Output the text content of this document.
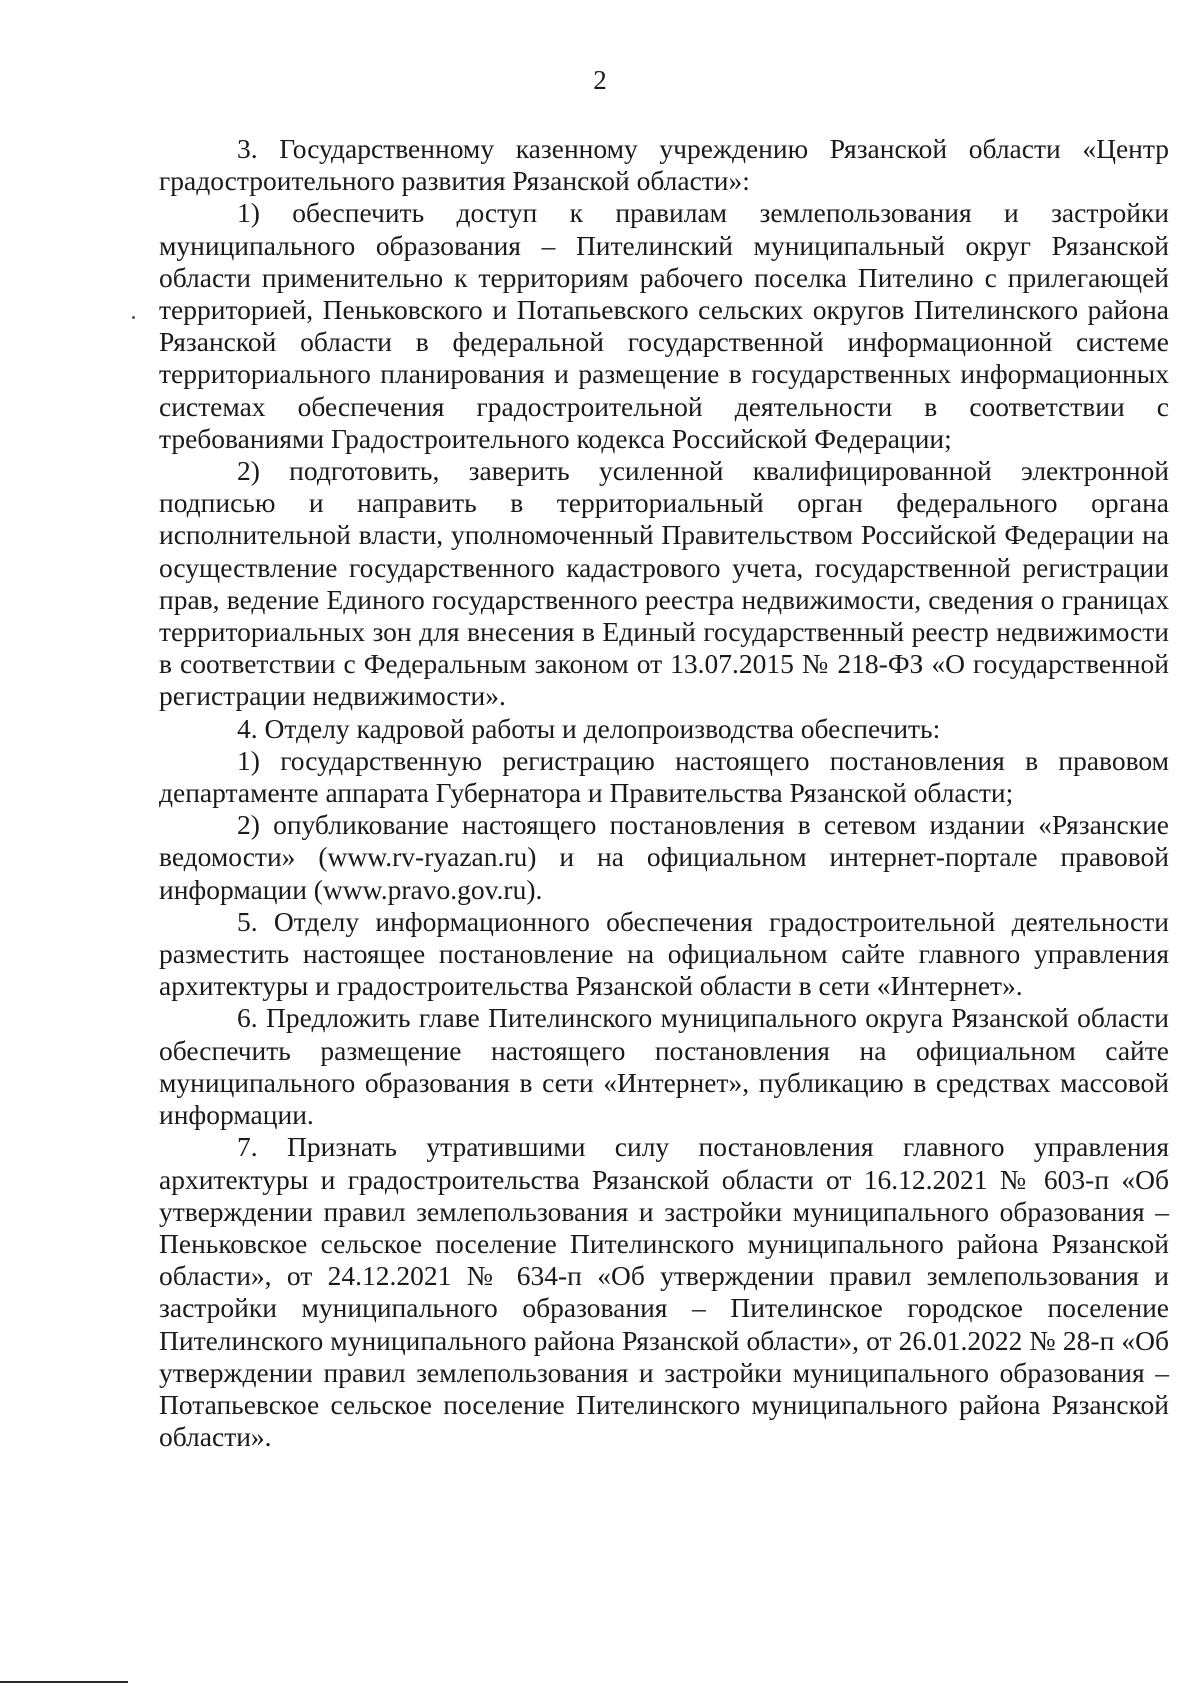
2

3. Государственному казенному учреждению Рязанской области «Центр градостроительного развития Рязанской области»:

1) обеспечить доступ к правилам землепользования и застройки муниципального образования – Пителинский муниципальный округ Рязанской области применительно к территориям рабочего поселка Пителино с прилегающей территорией, Пеньковского и Потапьевского сельских округов Пителинского района Рязанской области в федеральной государственной информационной системе территориального планирования и размещение в государственных информационных системах обеспечения градостроительной деятельности в соответствии с требованиями Градостроительного кодекса Российской Федерации;

2) подготовить, заверить усиленной квалифицированной электронной подписью и направить в территориальный орган федерального органа исполнительной власти, уполномоченный Правительством Российской Федерации на осуществление государственного кадастрового учета, государственной регистрации прав, ведение Единого государственного реестра недвижимости, сведения о границах территориальных зон для внесения в Единый государственный реестр недвижимости в соответствии с Федеральным законом от 13.07.2015 № 218-ФЗ «О государственной регистрации недвижимости».

4. Отделу кадровой работы и делопроизводства обеспечить:

1) государственную регистрацию настоящего постановления в правовом департаменте аппарата Губернатора и Правительства Рязанской области;

2) опубликование настоящего постановления в сетевом издании «Рязанские ведомости» (www.rv-ryazan.ru) и на официальном интернет-портале правовой информации (www.pravo.gov.ru).

5. Отделу информационного обеспечения градостроительной деятельности разместить настоящее постановление на официальном сайте главного управления архитектуры и градостроительства Рязанской области в сети «Интернет».

6. Предложить главе Пителинского муниципального округа Рязанской области обеспечить размещение настоящего постановления на официальном сайте муниципального образования в сети «Интернет», публикацию в средствах массовой информации.

7. Признать утратившими силу постановления главного управления архитектуры и градостроительства Рязанской области от 16.12.2021 № 603-п «Об утверждении правил землепользования и застройки муниципального образования – Пеньковское сельское поселение Пителинского муниципального района Рязанской области», от 24.12.2021 № 634-п «Об утверждении правил землепользования и застройки муниципального образования – Пителинское городское поселение Пителинского муниципального района Рязанской области», от 26.01.2022 № 28-п «Об утверждении правил землепользования и застройки муниципального образования – Потапьевское сельское поселение Пителинского муниципального района Рязанской области».
